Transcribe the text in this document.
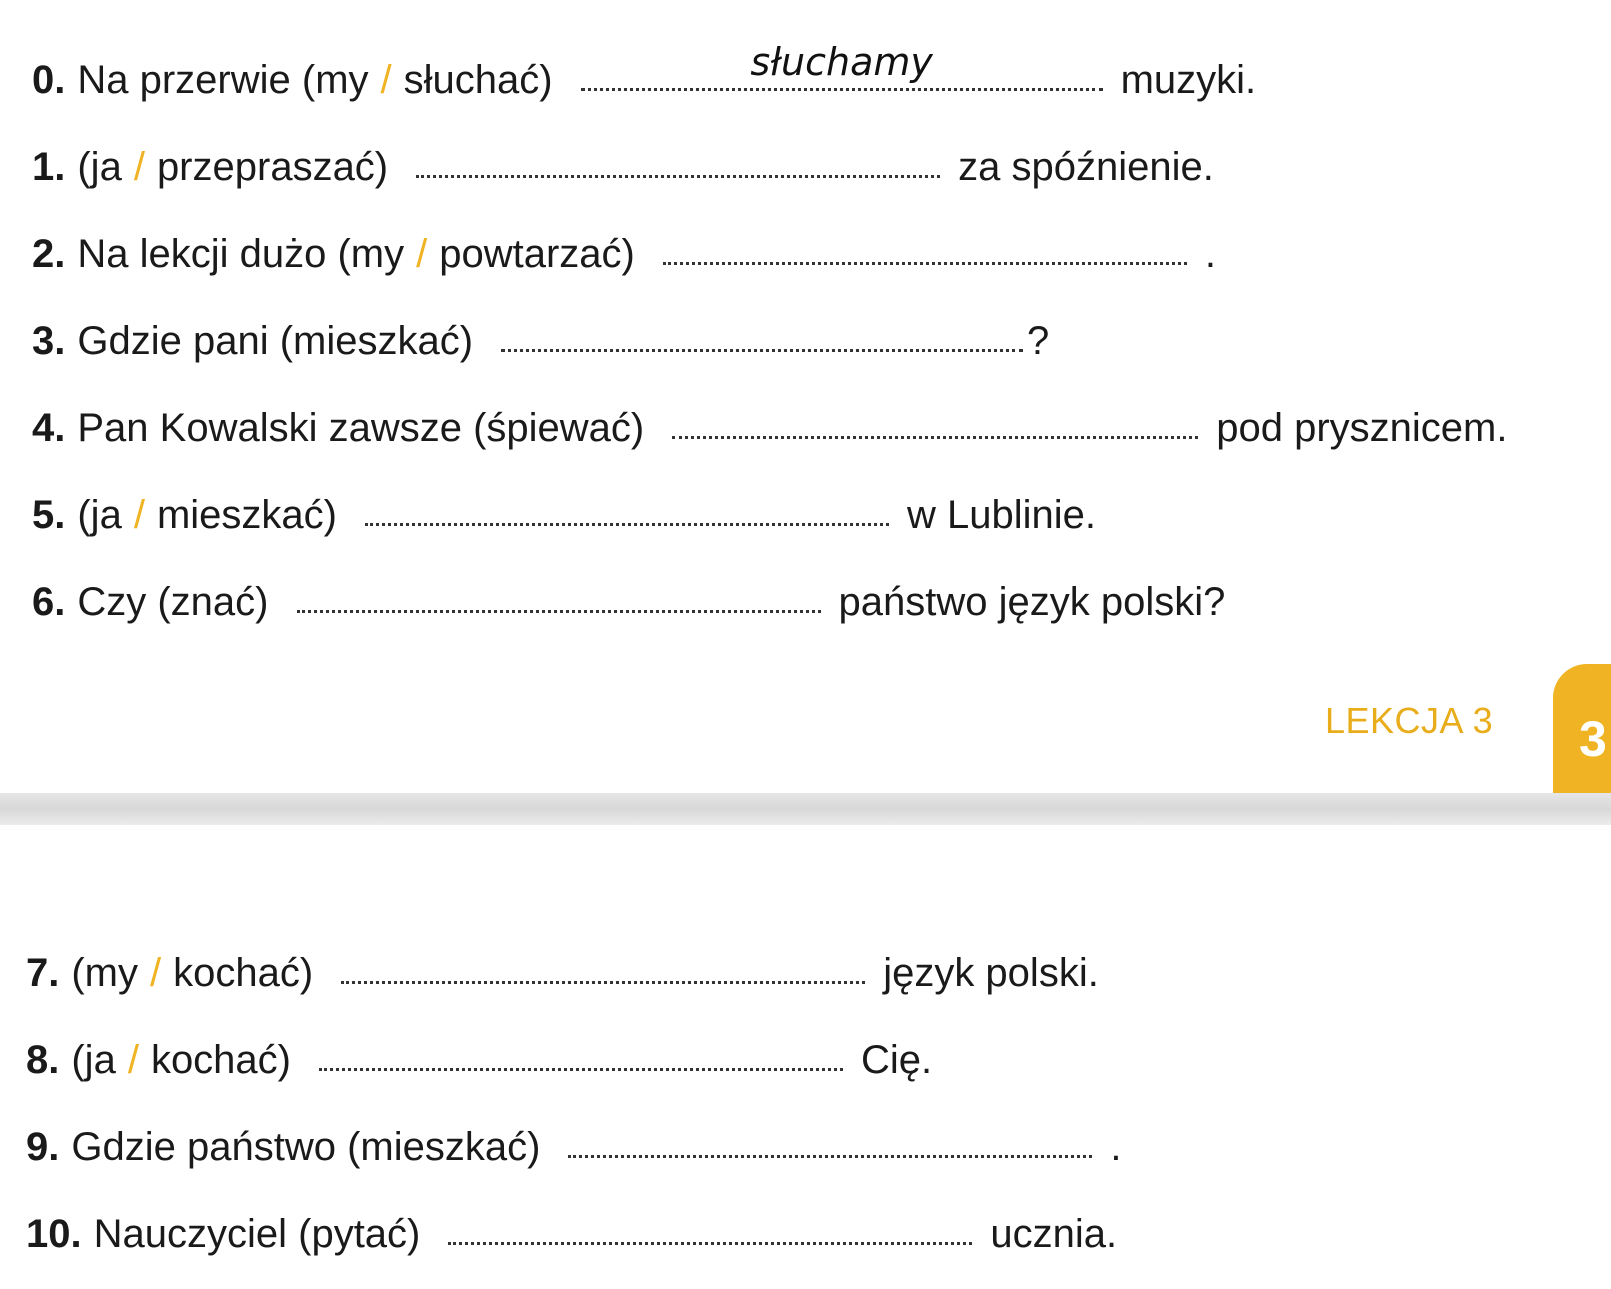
0. Na przerwie (my / słuchać)	słuchamy	muzyki.
1. (ja / przepraszać)	za spóźnienie.
2. Na lekcji dużo (my / powtarzać)	.
3. Gdzie pani (mieszkać)	?
4. Pan Kowalski zawsze (śpiewać)	pod prysznicem.
5. (ja / mieszkać)	w Lublinie.
6. Czy (znać)	państwo język polski?
LEKCJA 3 3
7. (my / kochać)	język polski.
8. (ja / kochać)	Cię.
9. Gdzie państwo (mieszkać)	.
10. Nauczyciel (pytać)	ucznia.
